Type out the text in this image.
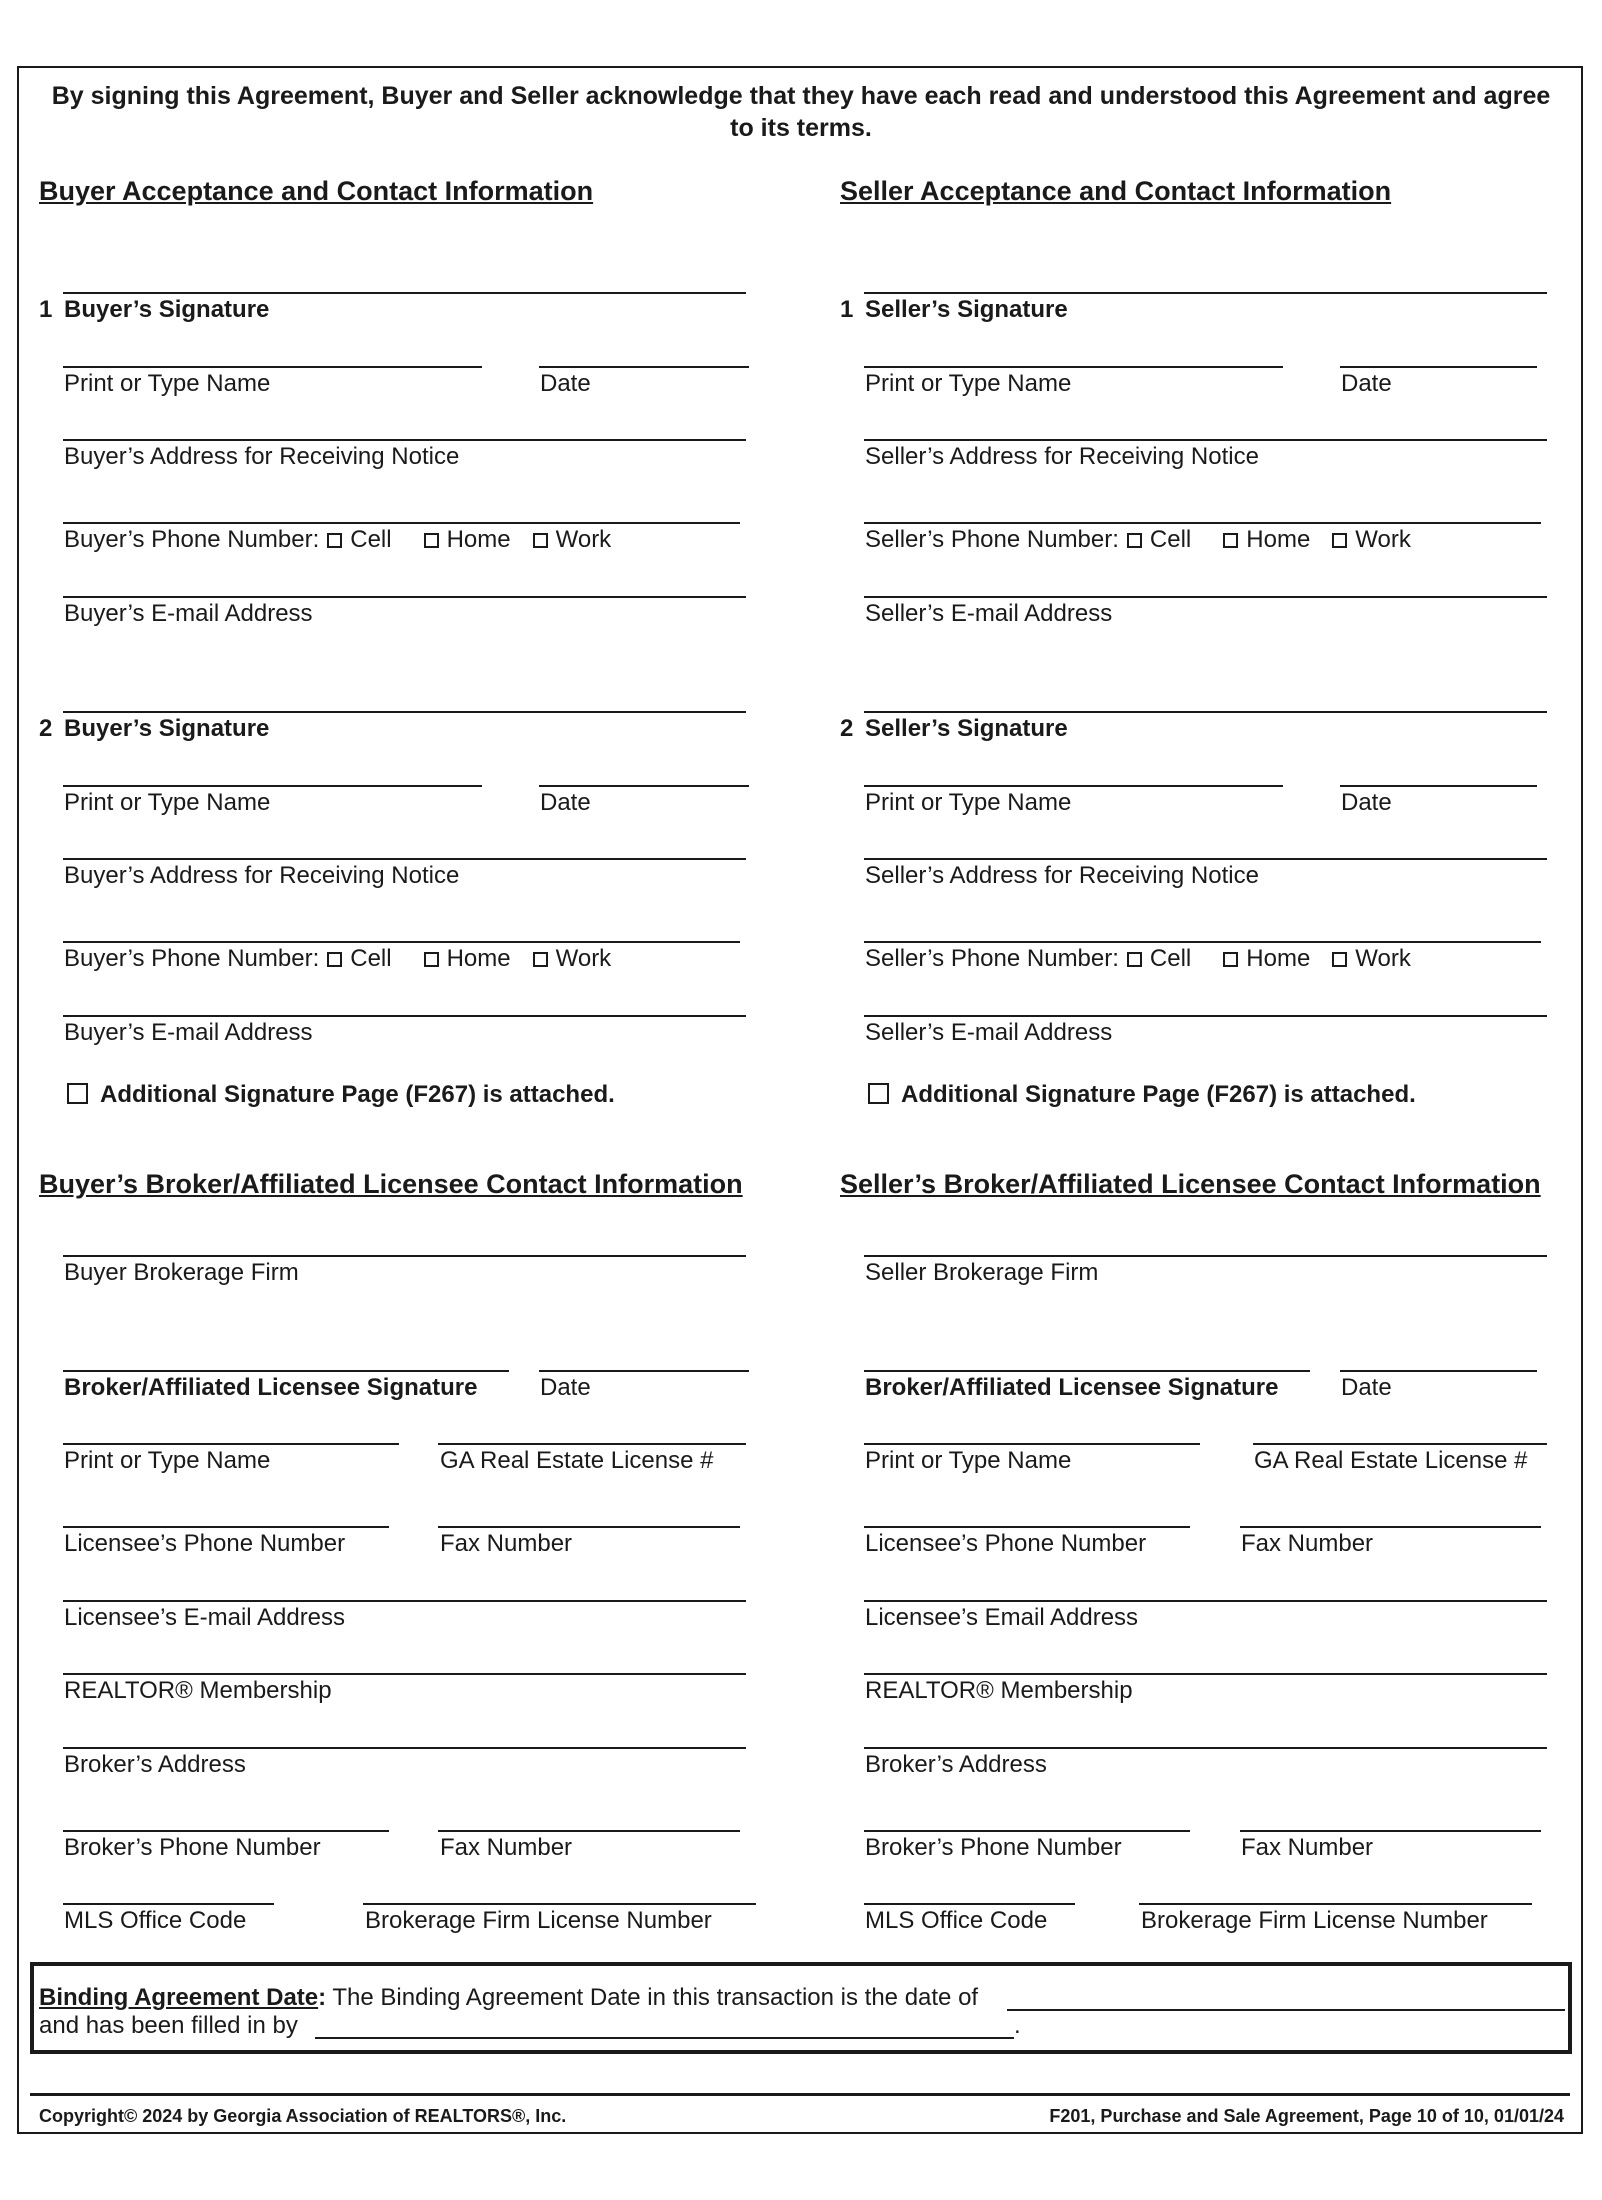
By signing this Agreement, Buyer and Seller acknowledge that they have each read and understood this Agreement and agree to its terms.
Buyer Acceptance and Contact Information
1 Buyer’s Signature
Print or Type Name	Date
Buyer’s Address for Receiving Notice
Buyer’s Phone Number: Cell Home Work
Buyer’s E-mail Address
2 Buyer’s Signature
Print or Type Name	Date
Buyer’s Address for Receiving Notice
Buyer’s Phone Number: Cell Home Work
Buyer’s E-mail Address
Additional Signature Page (F267) is attached.
Seller Acceptance and Contact Information
1 Seller’s Signature
Print or Type Name	Date
Seller’s Address for Receiving Notice
Seller’s Phone Number: Cell Home Work
Seller’s E-mail Address
2 Seller’s Signature
Print or Type Name	Date
Seller’s Address for Receiving Notice
Seller’s Phone Number: Cell Home Work
Seller’s E-mail Address
Additional Signature Page (F267) is attached.
Buyer’s Broker/Affiliated Licensee Contact Information
Buyer Brokerage Firm
Broker/Affiliated Licensee Signature	Date
Print or Type Name	GA Real Estate License #
Licensee’s Phone Number	Fax Number
Licensee’s E-mail Address
REALTOR® Membership
Broker’s Address
Broker’s Phone Number	Fax Number
MLS Office Code	Brokerage Firm License Number
Seller’s Broker/Affiliated Licensee Contact Information
Seller Brokerage Firm
Broker/Affiliated Licensee Signature	Date
Print or Type Name	GA Real Estate License #
Licensee’s Phone Number	Fax Number
Licensee’s Email Address
REALTOR® Membership
Broker’s Address
Broker’s Phone Number	Fax Number
MLS Office Code	Brokerage Firm License Number
Binding Agreement Date: The Binding Agreement Date in this transaction is the date of
and has been filled in by	.
Copyright© 2024 by Georgia Association of REALTORS®, Inc.	F201, Purchase and Sale Agreement, Page 10 of 10, 01/01/24
